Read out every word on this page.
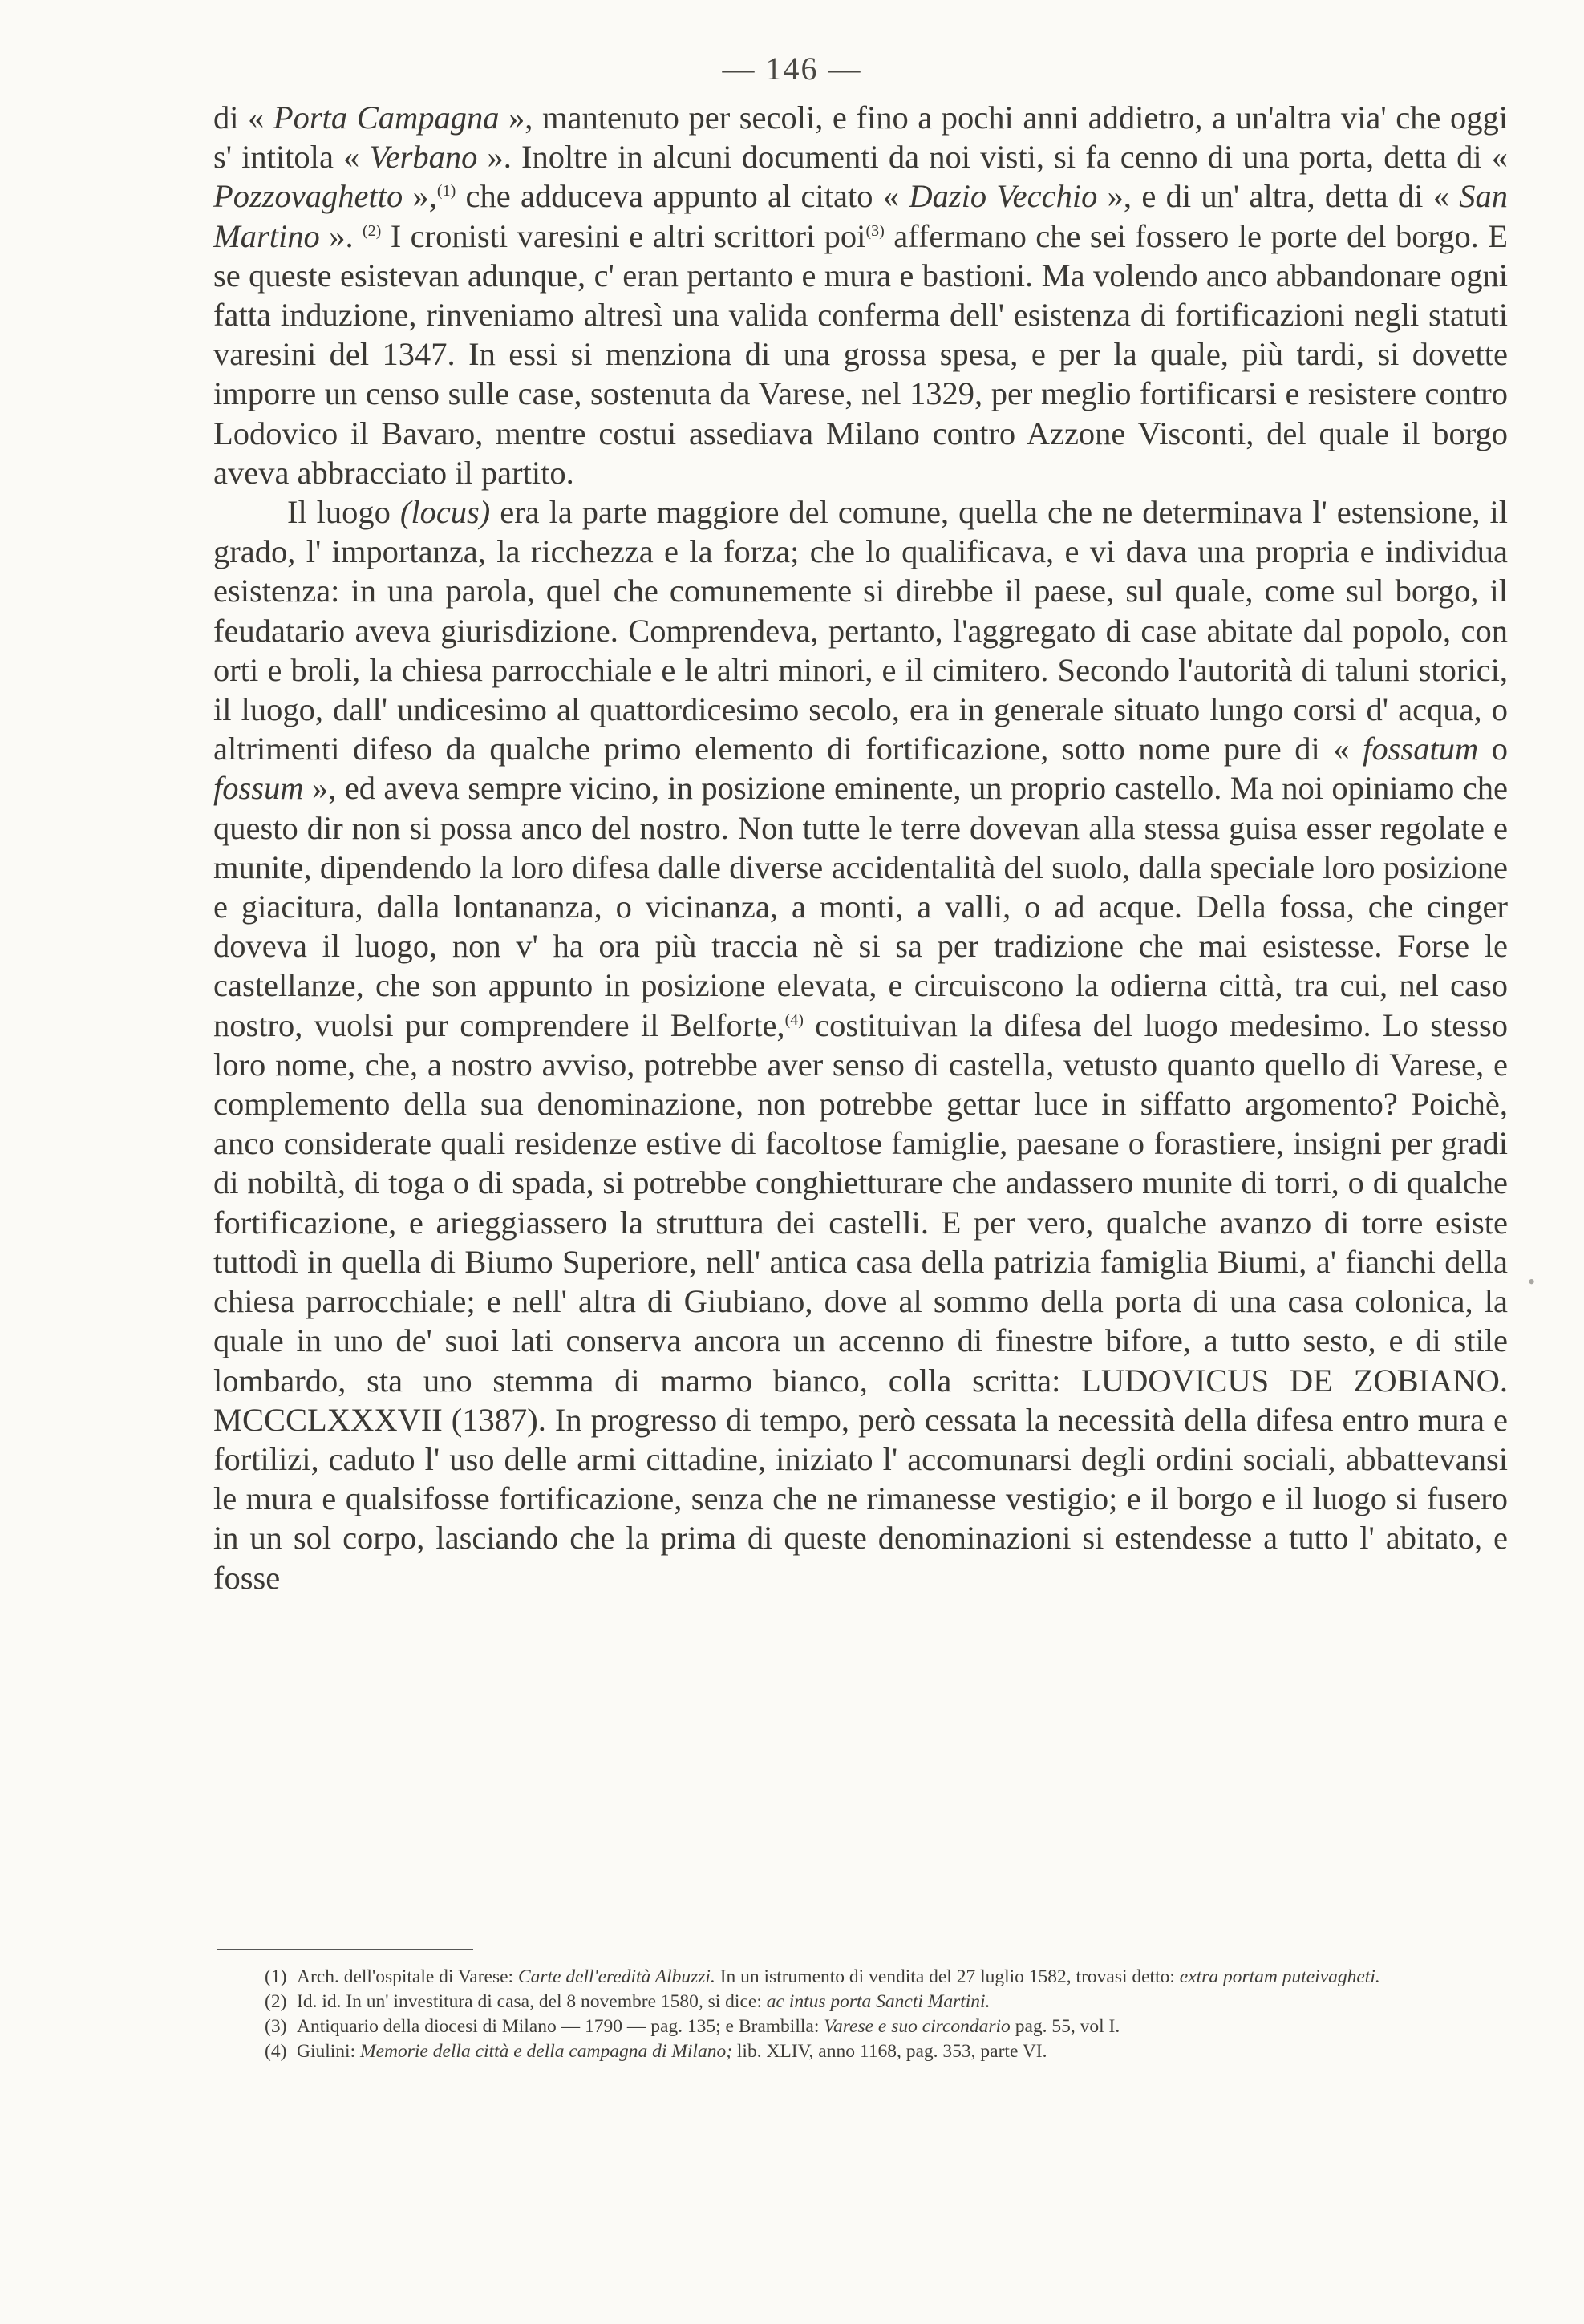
— 146 —

di « Porta Campagna », mantenuto per secoli, e fino a pochi anni addietro, a un'altra via' che oggi s' intitola « Verbano ». Inoltre in alcuni documenti da noi visti, si fa cenno di una porta, detta di « Pozzovaghetto »,$^{(1)}$ che adduceva appunto al citato « Dazio Vecchio », e di un' altra, detta di « San Martino ». $^{(2)}$ I cronisti varesini e altri scrittori poi$^{(3)}$ affermano che sei fossero le porte del borgo. E se queste esistevan adunque, c' eran pertanto e mura e bastioni. Ma volendo anco abbandonare ogni fatta induzione, rinveniamo altresì una valida conferma dell' esistenza di fortificazioni negli statuti varesini del 1347. In essi si menziona di una grossa spesa, e per la quale, più tardi, si dovette imporre un censo sulle case, sostenuta da Varese, nel 1329, per meglio fortificarsi e resistere contro Lodovico il Bavaro, mentre costui assediava Milano contro Azzone Visconti, del quale il borgo aveva abbracciato il partito.

Il luogo (locus) era la parte maggiore del comune, quella che ne determinava l' estensione, il grado, l' importanza, la ricchezza e la forza; che lo qualificava, e vi dava una propria e individua esistenza: in una parola, quel che comunemente si direbbe il paese, sul quale, come sul borgo, il feudatario aveva giurisdizione. Comprendeva, pertanto, l'aggregato di case abitate dal popolo, con orti e broli, la chiesa parrocchiale e le altri minori, e il cimitero. Secondo l'autorità di taluni storici, il luogo, dall' undicesimo al quattordicesimo secolo, era in generale situato lungo corsi d' acqua, o altrimenti difeso da qualche primo elemento di fortificazione, sotto nome pure di « fossatum o fossum », ed aveva sempre vicino, in posizione eminente, un proprio castello. Ma noi opiniamo che questo dir non si possa anco del nostro. Non tutte le terre dovevan alla stessa guisa esser regolate e munite, dipendendo la loro difesa dalle diverse accidentalità del suolo, dalla speciale loro posizione e giacitura, dalla lontananza, o vicinanza, a monti, a valli, o ad acque. Della fossa, che cinger doveva il luogo, non v' ha ora più traccia nè si sa per tradizione che mai esistesse. Forse le castellanze, che son appunto in posizione elevata, e circuiscono la odierna città, tra cui, nel caso nostro, vuolsi pur comprendere il Belforte,$^{(4)}$ costituivan la difesa del luogo medesimo. Lo stesso loro nome, che, a nostro avviso, potrebbe aver senso di castella, vetusto quanto quello di Varese, e complemento della sua denominazione, non potrebbe gettar luce in siffatto argomento? Poichè, anco considerate quali residenze estive di facoltose famiglie, paesane o forastiere, insigni per gradi di nobiltà, di toga o di spada, si potrebbe conghietturare che andassero munite di torri, o di qualche fortificazione, e arieggiassero la struttura dei castelli. E per vero, qualche avanzo di torre esiste tuttodì in quella di Biumo Superiore, nell' antica casa della patrizia famiglia Biumi, a' fianchi della chiesa parrocchiale; e nell' altra di Giubiano, dove al sommo della porta di una casa colonica, la quale in uno de' suoi lati conserva ancora un accenno di finestre bifore, a tutto sesto, e di stile lombardo, sta uno stemma di marmo bianco, colla scritta: LUDOVICUS DE ZOBIANO. MCCCLXXXVII (1387). In progresso di tempo, però cessata la necessità della difesa entro mura e fortilizi, caduto l' uso delle armi cittadine, iniziato l' accomunarsi degli ordini sociali, abbattevansi le mura e qualsifosse fortificazione, senza che ne rimanesse vestigio; e il borgo e il luogo si fusero in un sol corpo, lasciando che la prima di queste denominazioni si estendesse a tutto l' abitato, e fosse

•

(1) Arch. dell'ospitale di Varese: Carte dell'eredità Albuzzi. In un istrumento di vendita del 27 luglio 1582, trovasi detto: extra portam puteivagheti.

(2) Id. id. In un' investitura di casa, del 8 novembre 1580, si dice: ac intus porta Sancti Martini.

(3) Antiquario della diocesi di Milano — 1790 — pag. 135; e Brambilla: Varese e suo circondario pag. 55, vol I.

(4) Giulini: Memorie della città e della campagna di Milano; lib. XLIV, anno 1168, pag. 353, parte VI.
